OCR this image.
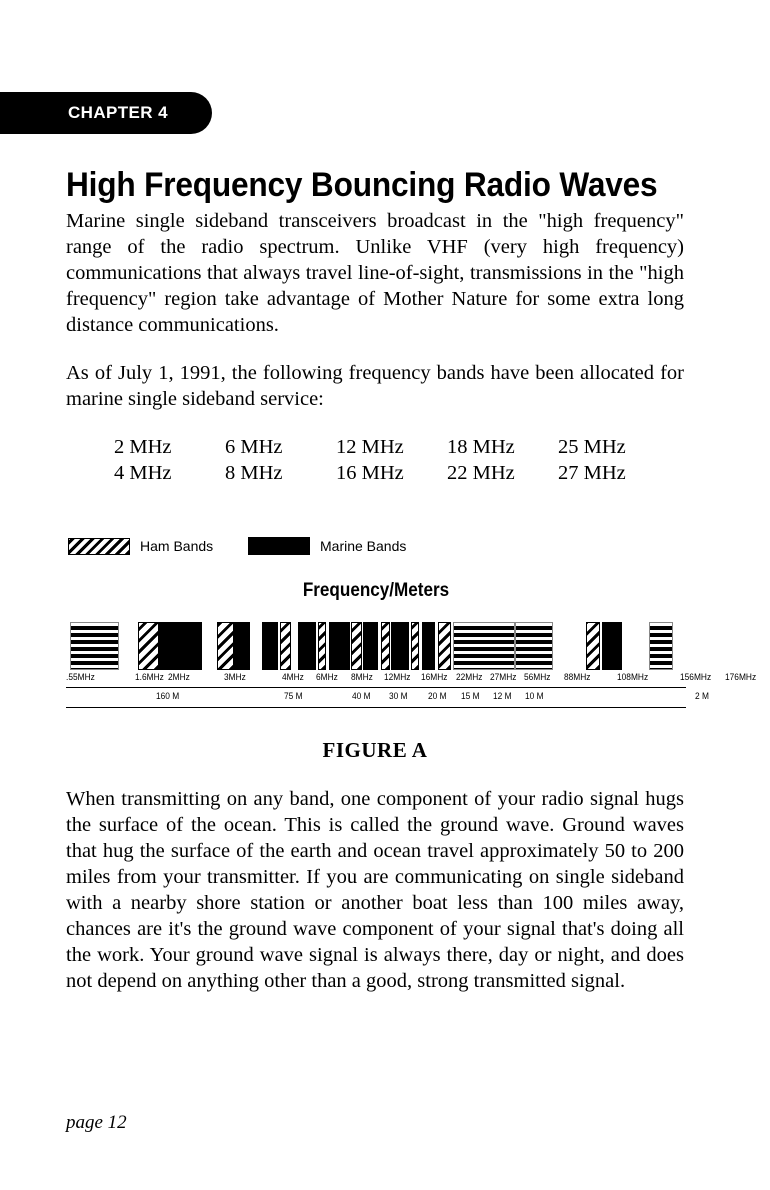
CHAPTER 4
High Frequency Bouncing Radio Waves

Marine single sideband transceivers broadcast in the "high frequency" range of the radio spectrum. Unlike VHF (very high frequency) communications that always travel line-of-sight, transmissions in the "high frequency" region take advantage of Mother Nature for some extra long distance communications.

As of July 1, 1991, the following frequency bands have been allocated for marine single sideband service:

	2 MHz	6 MHz	12 MHz	18 MHz	25 MHz
	4 MHz	8 MHz	16 MHz	22 MHz	27 MHz
Ham Bands	Marine Bands
Frequency/Meters
.55MHz	1.6MHz 2MHz	3MHz	4MHz 6MHz 8MHz 12MHz 16MHz 22MHz 27MHz 56MHz 88MHz	108MHz	156MHz 176MHz
160 M	75 M	40 M 30 M 20 M 15 M 12 M 10 M	2 M
FIGURE A

When transmitting on any band, one component of your radio signal hugs the surface of the ocean. This is called the ground wave. Ground waves that hug the surface of the earth and ocean travel approximately 50 to 200 miles from your transmitter. If you are communicating on single sideband with a nearby shore station or another boat less than 100 miles away, chances are it's the ground wave component of your signal that's doing all the work. Your ground wave signal is always there, day or night, and does not depend on anything other than a good, strong transmitted signal.

page 12
